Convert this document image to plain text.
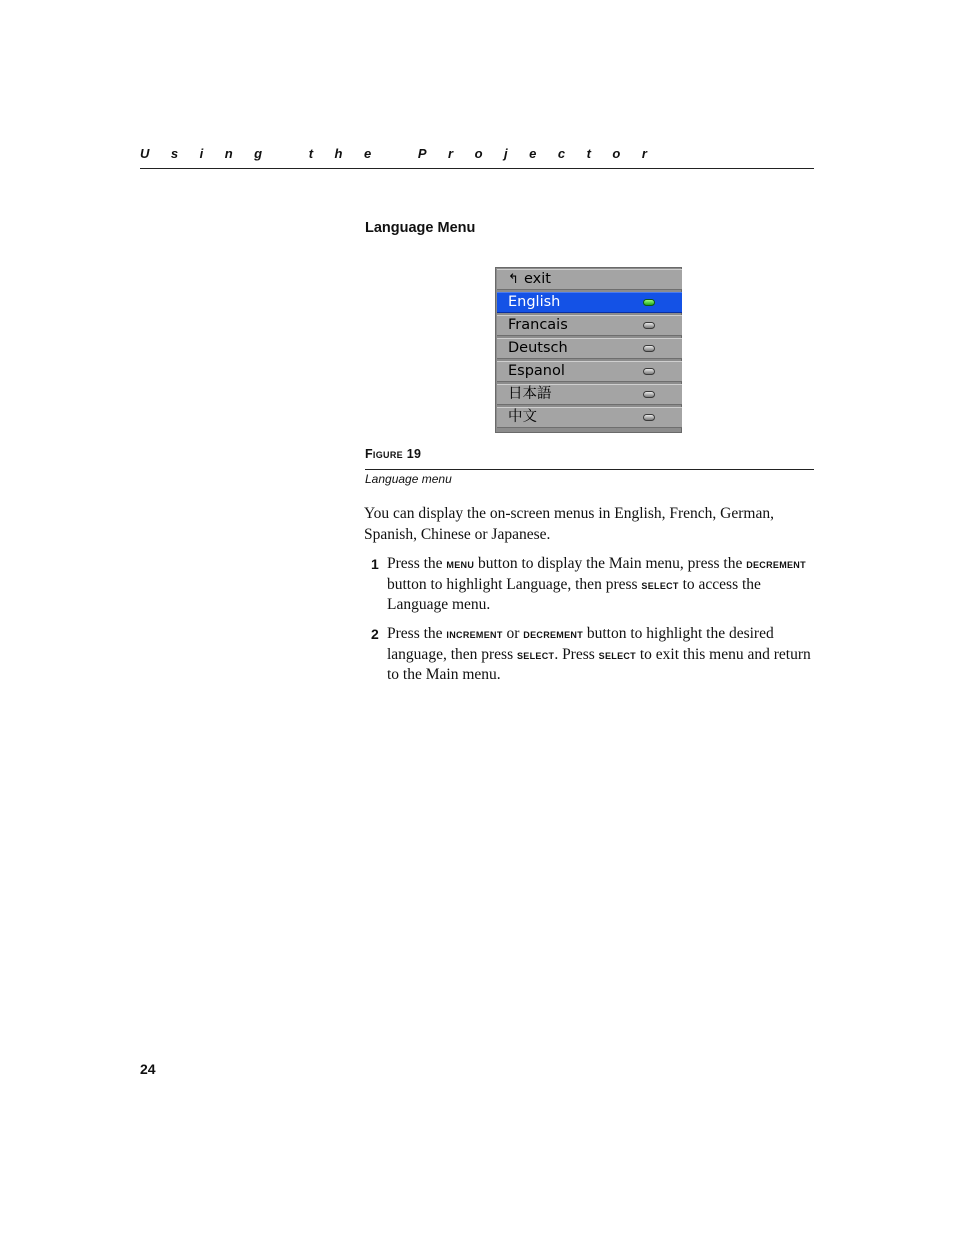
Using the Projector
Language Menu
↰ exit
English
Francais
Deutsch
Espanol
日本語
中文
Figure 19
Language menu
You can display the on-screen menus in English, French, German, Spanish, Chinese or Japanese.
1 Press the menu button to display the Main menu, press the decrement button to highlight Language, then press select to access the Language menu.
2 Press the increment or decrement button to highlight the desired language, then press select. Press select to exit this menu and return to the Main menu.
24
